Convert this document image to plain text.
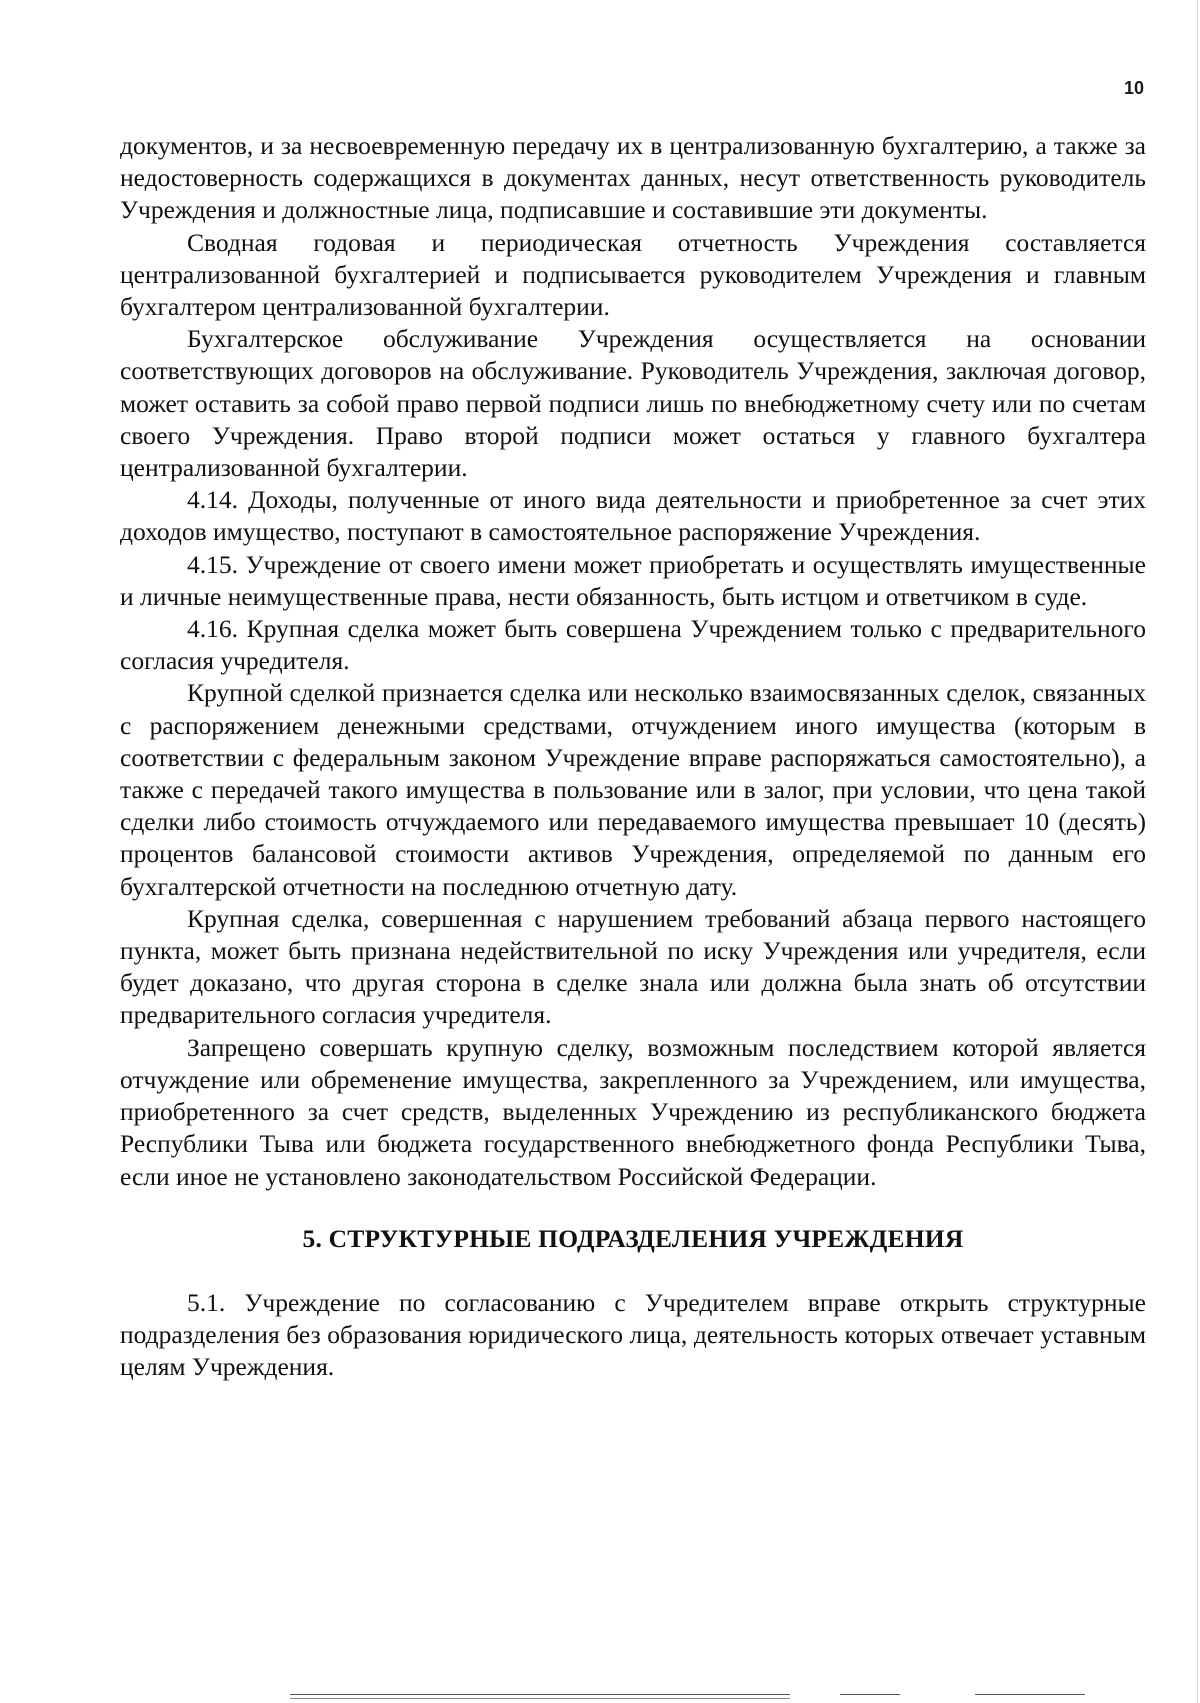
10

документов, и за несвоевременную передачу их в централизованную бухгалтерию, а также за недостоверность содержащихся в документах данных, несут ответственность руководитель Учреждения и должностные лица, подписавшие и составившие эти документы.

Сводная годовая и периодическая отчетность Учреждения составляется централизованной бухгалтерией и подписывается руководителем Учреждения и главным бухгалтером централизованной бухгалтерии.

Бухгалтерское обслуживание Учреждения осуществляется на основании соответствующих договоров на обслуживание. Руководитель Учреждения, заключая договор, может оставить за собой право первой подписи лишь по внебюджетному счету или по счетам своего Учреждения. Право второй подписи может остаться у главного бухгалтера централизованной бухгалтерии.

4.14. Доходы, полученные от иного вида деятельности и приобретенное за счет этих доходов имущество, поступают в самостоятельное распоряжение Учреждения.

4.15. Учреждение от своего имени может приобретать и осуществлять имущественные и личные неимущественные права, нести обязанность, быть истцом и ответчиком в суде.

4.16. Крупная сделка может быть совершена Учреждением только с предварительного согласия учредителя.

Крупной сделкой признается сделка или несколько взаимосвязанных сделок, связанных с распоряжением денежными средствами, отчуждением иного имущества (которым в соответствии с федеральным законом Учреждение вправе распоряжаться самостоятельно), а также с передачей такого имущества в пользование или в залог, при условии, что цена такой сделки либо стоимость отчуждаемого или передаваемого имущества превышает 10 (десять) процентов балансовой стоимости активов Учреждения, определяемой по данным его бухгалтерской отчетности на последнюю отчетную дату.

Крупная сделка, совершенная с нарушением требований абзаца первого настоящего пункта, может быть признана недействительной по иску Учреждения или учредителя, если будет доказано, что другая сторона в сделке знала или должна была знать об отсутствии предварительного согласия учредителя.

Запрещено совершать крупную сделку, возможным последствием которой является отчуждение или обременение имущества, закрепленного за Учреждением, или имущества, приобретенного за счет средств, выделенных Учреждению из республиканского бюджета Республики Тыва или бюджета государственного внебюджетного фонда Республики Тыва, если иное не установлено законодательством Российской Федерации.

5. СТРУКТУРНЫЕ ПОДРАЗДЕЛЕНИЯ УЧРЕЖДЕНИЯ

5.1. Учреждение по согласованию с Учредителем вправе открыть структурные подразделения без образования юридического лица, деятельность которых отвечает уставным целям Учреждения.
